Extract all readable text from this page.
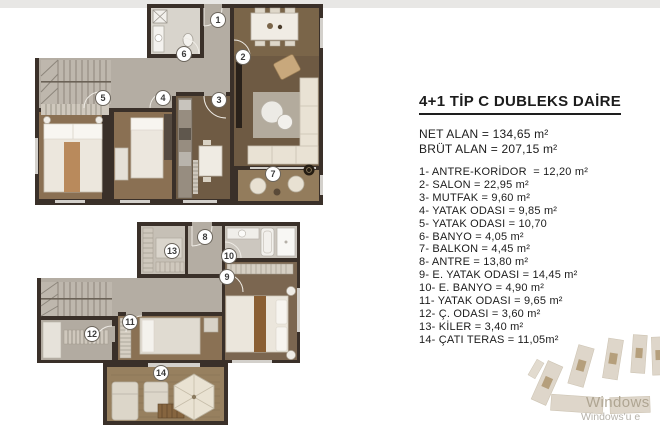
1
2
3
4
5
6
7
8
9
10
11
12
13
14
4+1 TİP C DUBLEKS DAİRE
NET ALAN = 134,65 m²
BRÜT ALAN = 207,15 m²
1- ANTRE-KORİDOR  = 12,20 m²
2- SALON = 22,95 m²
3- MUTFAK = 9,60 m²
4- YATAK ODASI = 9,85 m²
5- YATAK ODASI = 10,70
6- BANYO = 4,05 m²
7- BALKON = 4,45 m²
8- ANTRE = 13,80 m²
9- E. YATAK ODASI = 14,45 m²
10- E. BANYO = 4,90 m²
11- YATAK ODASI = 9,65 m²
12- Ç. ODASI = 3,60 m²
13- KİLER = 3,40 m²
14- ÇATI TERAS = 11,05m²
Windows
Windows'u e
